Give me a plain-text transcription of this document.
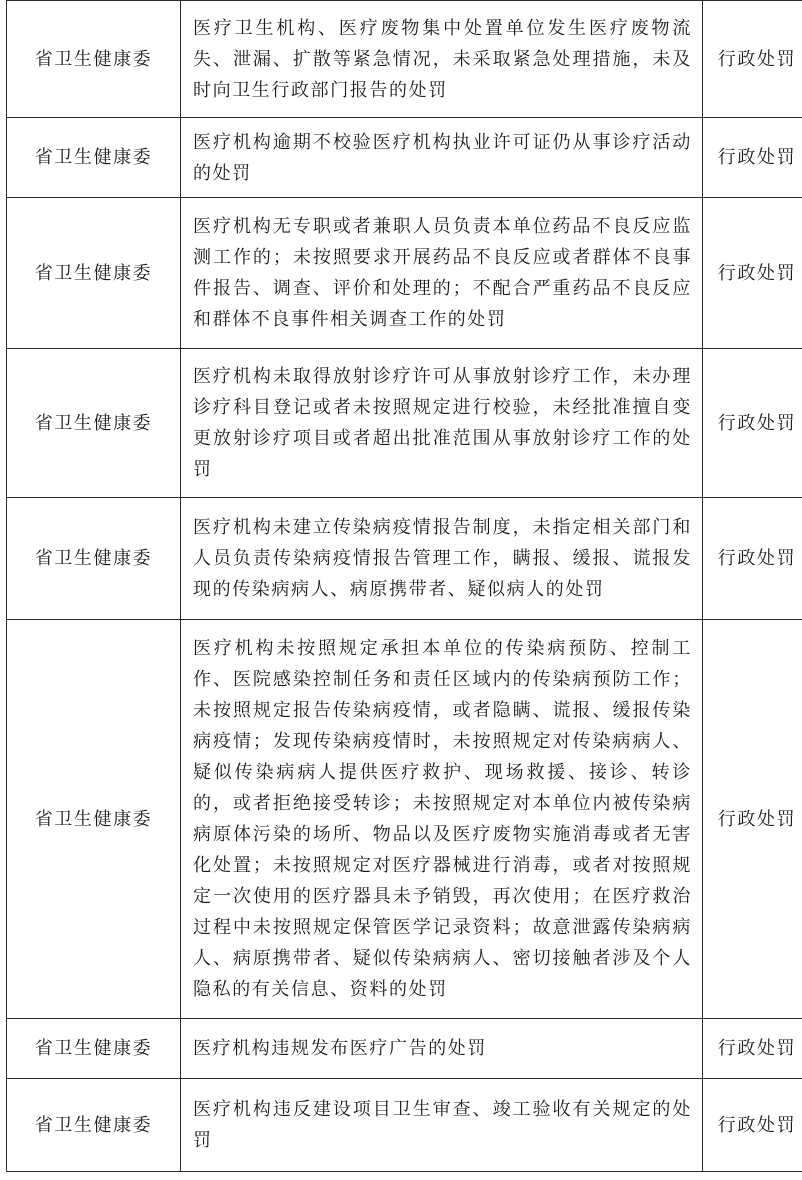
省卫生健康委	医疗卫生机构、医疗废物集中处置单位发生医疗废物流失、泄漏、扩散等紧急情况，未采取紧急处理措施，未及时向卫生行政部门报告的处罚	行政处罚
省卫生健康委	医疗机构逾期不校验医疗机构执业许可证仍从事诊疗活动的处罚	行政处罚
省卫生健康委	医疗机构无专职或者兼职人员负责本单位药品不良反应监测工作的；未按照要求开展药品不良反应或者群体不良事件报告、调查、评价和处理的；不配合严重药品不良反应和群体不良事件相关调查工作的处罚	行政处罚
省卫生健康委	医疗机构未取得放射诊疗许可从事放射诊疗工作，未办理诊疗科目登记或者未按照规定进行校验，未经批准擅自变更放射诊疗项目或者超出批准范围从事放射诊疗工作的处罚	行政处罚
省卫生健康委	医疗机构未建立传染病疫情报告制度，未指定相关部门和人员负责传染病疫情报告管理工作，瞒报、缓报、谎报发现的传染病病人、病原携带者、疑似病人的处罚	行政处罚
省卫生健康委	医疗机构未按照规定承担本单位的传染病预防、控制工作、医院感染控制任务和责任区域内的传染病预防工作；未按照规定报告传染病疫情，或者隐瞒、谎报、缓报传染病疫情；发现传染病疫情时，未按照规定对传染病病人、疑似传染病病人提供医疗救护、现场救援、接诊、转诊的，或者拒绝接受转诊；未按照规定对本单位内被传染病病原体污染的场所、物品以及医疗废物实施消毒或者无害化处置；未按照规定对医疗器械进行消毒，或者对按照规定一次使用的医疗器具未予销毁，再次使用；在医疗救治过程中未按照规定保管医学记录资料；故意泄露传染病病人、病原携带者、疑似传染病病人、密切接触者涉及个人隐私的有关信息、资料的处罚	行政处罚
省卫生健康委	医疗机构违规发布医疗广告的处罚	行政处罚
省卫生健康委	医疗机构违反建设项目卫生审查、竣工验收有关规定的处罚	行政处罚
